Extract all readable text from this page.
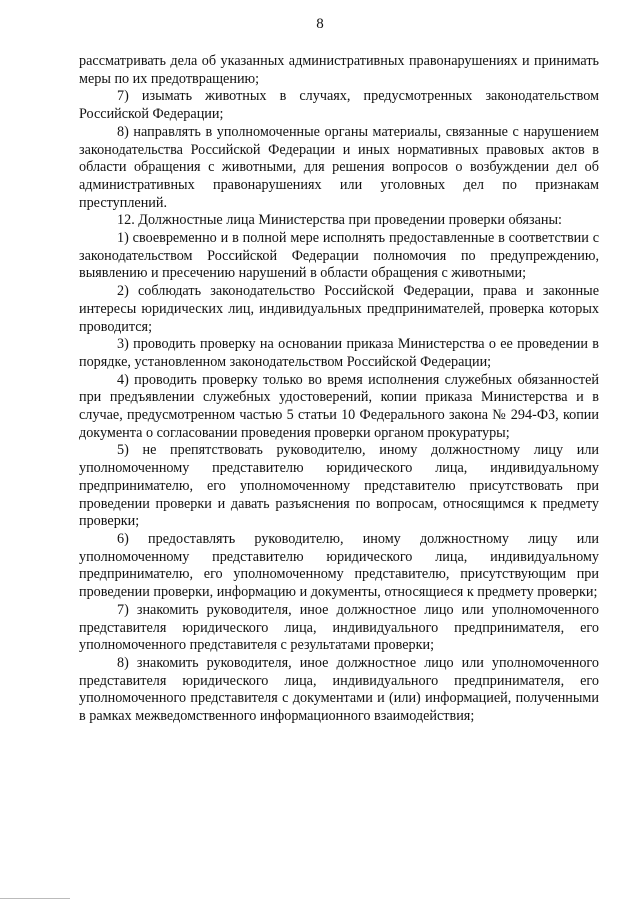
8

рассматривать дела об указанных административных правонарушениях и принимать меры по их предотвращению;

7) изымать животных в случаях, предусмотренных законодательством Российской Федерации;

8) направлять в уполномоченные органы материалы, связанные с нарушением законодательства Российской Федерации и иных нормативных правовых актов в области обращения с животными, для решения вопросов о возбуждении дел об административных правонарушениях или уголовных дел по признакам преступлений.

12. Должностные лица Министерства при проведении проверки обязаны:

1) своевременно и в полной мере исполнять предоставленные в соответствии с законодательством Российской Федерации полномочия по предупреждению, выявлению и пресечению нарушений в области обращения с животными;

2) соблюдать законодательство Российской Федерации, права и законные интересы юридических лиц, индивидуальных предпринимателей, проверка которых проводится;

3) проводить проверку на основании приказа Министерства о ее проведении в порядке, установленном законодательством Российской Федерации;

4) проводить проверку только во время исполнения служебных обязанностей при предъявлении служебных удостоверений, копии приказа Министерства и в случае, предусмотренном частью 5 статьи 10 Федерального закона № 294-ФЗ, копии документа о согласовании проведения проверки органом прокуратуры;

5) не препятствовать руководителю, иному должностному лицу или уполномоченному представителю юридического лица, индивидуальному предпринимателю, его уполномоченному представителю присутствовать при проведении проверки и давать разъяснения по вопросам, относящимся к предмету проверки;

6) предоставлять руководителю, иному должностному лицу или уполномоченному представителю юридического лица, индивидуальному предпринимателю, его уполномоченному представителю, присутствующим при проведении проверки, информацию и документы, относящиеся к предмету проверки;

7) знакомить руководителя, иное должностное лицо или уполномоченного представителя юридического лица, индивидуального предпринимателя, его уполномоченного представителя с результатами проверки;

8) знакомить руководителя, иное должностное лицо или уполномоченного представителя юридического лица, индивидуального предпринимателя, его уполномоченного представителя с документами и (или) информацией, полученными в рамках межведомственного информационного взаимодействия;
